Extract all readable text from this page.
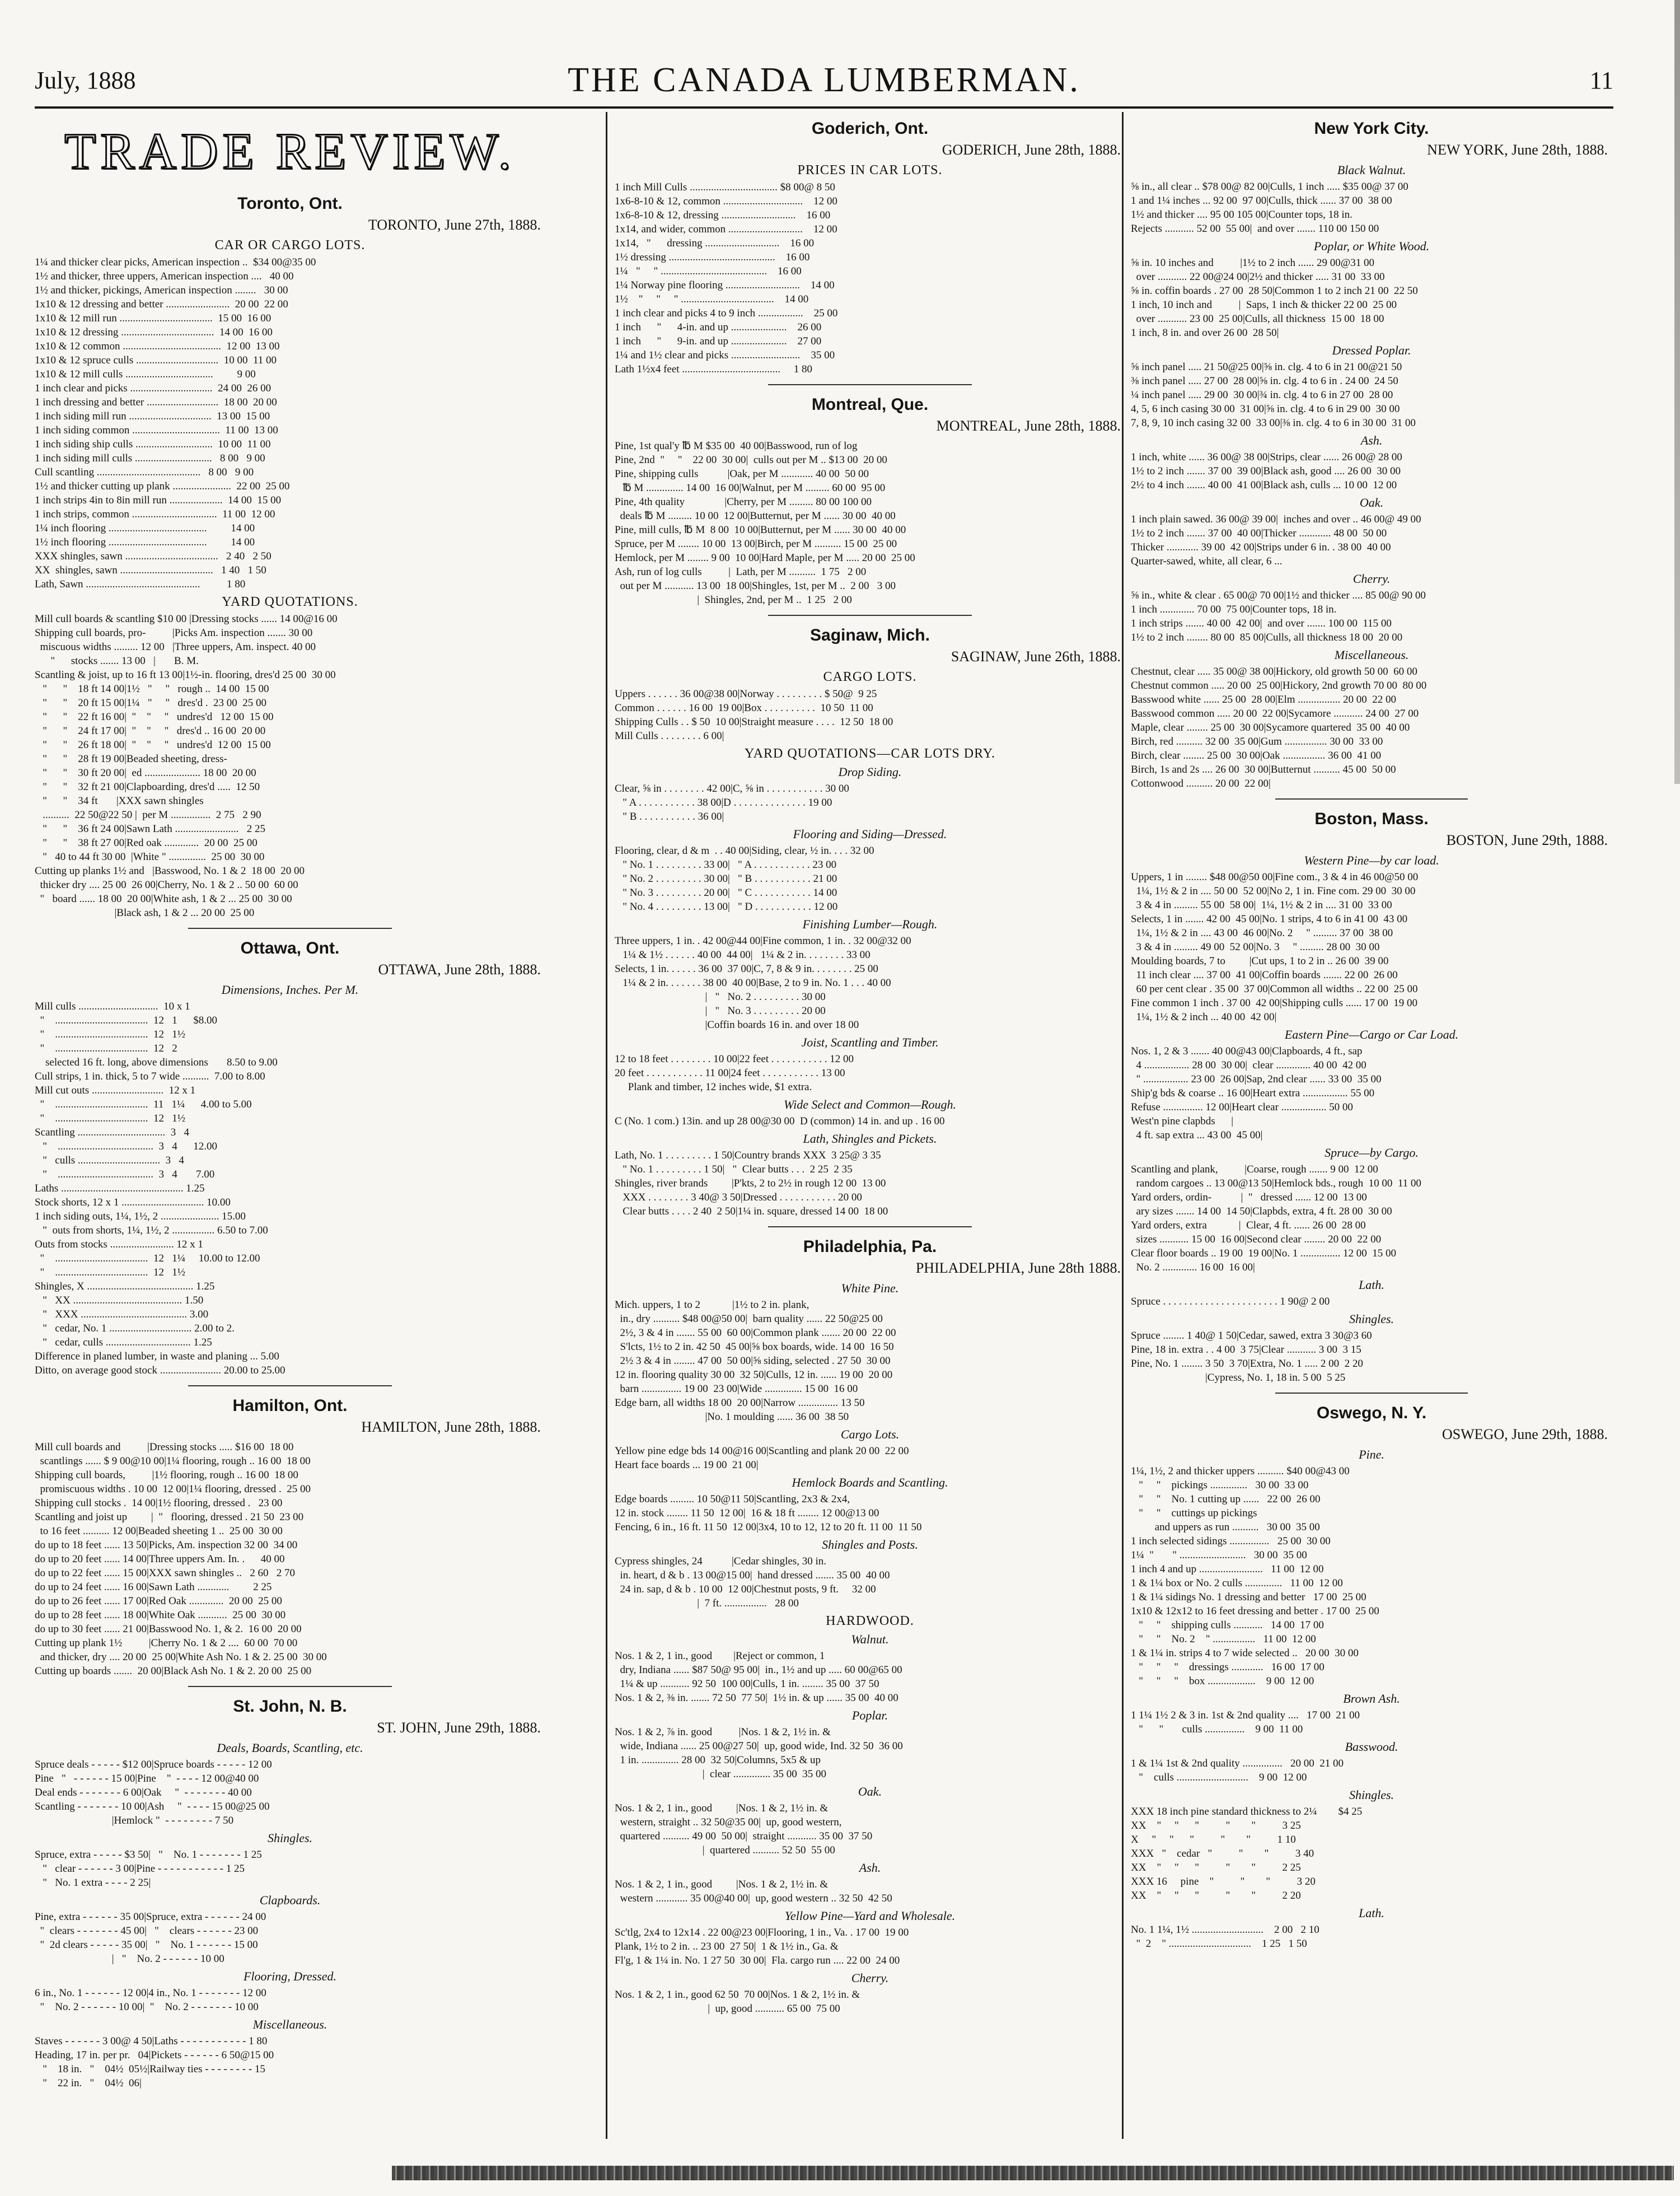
July, 1888	THE CANADA LUMBERMAN.	11
TRADE REVIEW.
Toronto, Ont.
TORONTO, June 27th, 1888.
CAR OR CARGO LOTS.
1¼ and thicker clear picks, American inspection ..  $34 00@35 00
1½ and thicker, three uppers, American inspection ....   40 00
1½ and thicker, pickings, American inspection ........   30 00
1x10 & 12 dressing and better ........................  20 00  22 00
1x10 & 12 mill run ...................................  15 00  16 00
1x10 & 12 dressing ...................................  14 00  16 00
1x10 & 12 common .....................................  12 00  13 00
1x10 & 12 spruce culls ...............................  10 00  11 00
1x10 & 12 mill culls .................................         9 00
1 inch clear and picks ...............................  24 00  26 00
1 inch dressing and better ...........................  18 00  20 00
1 inch siding mill run ...............................  13 00  15 00
1 inch siding common .................................  11 00  13 00
1 inch siding ship culls .............................  10 00  11 00
1 inch siding mill culls .............................   8 00   9 00
Cull scantling .......................................   8 00   9 00
1½ and thicker cutting up plank ......................  22 00  25 00
1 inch strips 4in to 8in mill run ....................  14 00  15 00
1 inch strips, common ................................  11 00  12 00
1¼ inch flooring .....................................         14 00
1½ inch flooring .....................................         14 00
XXX shingles, sawn ...................................   2 40   2 50
XX  shingles, sawn ...................................   1 40   1 50
Lath, Sawn ...........................................          1 80
YARD QUOTATIONS.
Mill cull boards & scantling $10 00 |Dressing stocks ...... 14 00@16 00
Shipping cull boards, pro-          |Picks Am. inspection ....... 30 00
miscuous widths ......... 12 00   |Three uppers, Am. inspect. 40 00
"      stocks ....... 13 00   |       B. M.
Scantling & joist, up to 16 ft 13 00|1½-in. flooring, dres'd 25 00  30 00
"      "    18 ft 14 00|1½   "     "   rough ..  14 00  15 00
"      "    20 ft 15 00|1¼   "     "   dres'd .  23 00  25 00
"      "    22 ft 16 00|  "    "     "   undres'd   12 00  15 00
"      "    24 ft 17 00|  "    "     "   dres'd .. 16 00  20 00
"      "    26 ft 18 00|  "    "     "   undres'd  12 00  15 00
"      "    28 ft 19 00|Beaded sheeting, dress-
"      "    30 ft 20 00|  ed ..................... 18 00  20 00
"      "    32 ft 21 00|Clapboarding, dres'd .....  12 50
"      "    34 ft       |XXX sawn shingles
..........  22 50@22 50 |  per M ...............  2 75   2 90
"      "    36 ft 24 00|Sawn Lath ........................   2 25
"      "    38 ft 27 00|Red oak .............  20 00  25 00
"   40 to 44 ft 30 00  |White " ..............  25 00  30 00
Cutting up planks 1½ and   |Basswood, No. 1 & 2  18 00  20 00
thicker dry .... 25 00  26 00|Cherry, No. 1 & 2 .. 50 00  60 00
"   board ...... 18 00  20 00|White ash, 1 & 2 ... 25 00  30 00
|Black ash, 1 & 2 ... 20 00  25 00
Ottawa, Ont.
OTTAWA, June 28th, 1888.
Dimensions, Inches. Per M.
Mill culls ..............................  10 x 1
"    ...................................  12   1      $8.00
"    ...................................  12   1½
"    ...................................  12   2
selected 16 ft. long, above dimensions       8.50 to 9.00
Cull strips, 1 in. thick, 5 to 7 wide ..........  7.00 to 8.00
Mill cut outs ...........................  12 x 1
"    ...................................  11   1¼      4.00 to 5.00
"    ...................................  12   1½
Scantling .................................  3   4
"    ....................................  3   4      12.00
"   culls ...............................  3   4
"    ....................................  3   4       7.00
Laths .............................................. 1.25
Stock shorts, 12 x 1 ............................... 10.00
1 inch siding outs, 1¼, 1½, 2 ...................... 15.00
"  outs from shorts, 1¼, 1½, 2 ................ 6.50 to 7.00
Outs from stocks ........................ 12 x 1
"    ...................................  12   1¼     10.00 to 12.00
"    ...................................  12   1½
Shingles, X ........................................ 1.25
"   XX ......................................... 1.50
"   XXX ........................................ 3.00
"   cedar, No. 1 ............................... 2.00 to 2.
"   cedar, culls ................................ 1.25
Difference in planed lumber, in waste and planing ... 5.00
Ditto, on average good stock ....................... 20.00 to 25.00
Hamilton, Ont.
HAMILTON, June 28th, 1888.
Mill cull boards and          |Dressing stocks ..... $16 00  18 00
scantlings ...... $ 9 00@10 00|1¼ flooring, rough .. 16 00  18 00
Shipping cull boards,          |1½ flooring, rough .. 16 00  18 00
promiscuous widths . 10 00  12 00|1¼ flooring, dressed .  25 00
Shipping cull stocks .  14 00|1½ flooring, dressed .   23 00
Scantling and joist up         |  "   flooring, dressed . 21 50  23 00
to 16 feet .......... 12 00|Beaded sheeting 1 ..  25 00  30 00
do up to 18 feet ...... 13 50|Picks, Am. inspection 32 00  34 00
do up to 20 feet ...... 14 00|Three uppers Am. In. .      40 00
do up to 22 feet ...... 15 00|XXX sawn shingles ..   2 60   2 70
do up to 24 feet ...... 16 00|Sawn Lath ............         2 25
do up to 26 feet ...... 17 00|Red Oak .............  20 00  25 00
do up to 28 feet ...... 18 00|White Oak ...........  25 00  30 00
do up to 30 feet ...... 21 00|Basswood No. 1, & 2.  16 00  20 00
Cutting up plank 1½          |Cherry No. 1 & 2 ....  60 00  70 00
and thicker, dry .... 20 00  25 00|White Ash No. 1 & 2. 25 00  30 00
Cutting up boards .......  20 00|Black Ash No. 1 & 2. 20 00  25 00
St. John, N. B.
ST. JOHN, June 29th, 1888.
Deals, Boards, Scantling, etc.
Spruce deals - - - - - $12 00|Spruce boards - - - - - 12 00
Pine   "   - - - - - - 15 00|Pine    "  - - - - 12 00@40 00
Deal ends - - - - - - - 6 00|Oak     "  - - - - - - - 40 00
Scantling - - - - - - - 10 00|Ash     "  - - - - 15 00@25 00
|Hemlock "  - - - - - - - - 7 50
Shingles.
Spruce, extra - - - - - $3 50|   "    No. 1 - - - - - - - 1 25
"   clear - - - - - - 3 00|Pine - - - - - - - - - - - 1 25
"   No. 1 extra - - - - 2 25|
Clapboards.
Pine, extra - - - - - - 35 00|Spruce, extra - - - - - - 24 00
"  clears - - - - - - - 45 00|   "    clears - - - - - - 23 00
"  2d clears - - - - - 35 00|   "    No. 1 - - - - - - 15 00
|   "    No. 2 - - - - - - 10 00
Flooring, Dressed.
6 in., No. 1 - - - - - - 12 00|4 in., No. 1 - - - - - - - 12 00
"    No. 2 - - - - - - 10 00|  "    No. 2 - - - - - - - 10 00
Miscellaneous.
Staves - - - - - - 3 00@ 4 50|Laths - - - - - - - - - - - 1 80
Heading, 17 in. per pr.   04|Pickets - - - - - - 6 50@15 00
"    18 in.   "    04½  05½|Railway ties - - - - - - - - 15
"    22 in.   "    04½  06|
Goderich, Ont.
GODERICH, June 28th, 1888.
PRICES IN CAR LOTS.
1 inch Mill Culls ................................. $8 00@ 8 50
1x6-8-10 & 12, common ..............................    12 00
1x6-8-10 & 12, dressing ............................    16 00
1x14, and wider, common ............................    12 00
1x14,   "      dressing ............................    16 00
1½ dressing ........................................    16 00
1¼   "     " ........................................    16 00
1¼ Norway pine flooring ............................    14 00
1½    "     "     " ...................................    14 00
1 inch clear and picks 4 to 9 inch .................    25 00
1 inch      "      4-in. and up .....................    26 00
1 inch      "      9-in. and up .....................    27 00
1¼ and 1½ clear and picks ..........................    35 00
Lath 1½x4 feet .....................................     1 80
Montreal, Que.
MONTREAL, June 28th, 1888.
Pine, 1st qual'y ℔ M $35 00  40 00|Basswood, run of log
Pine, 2nd  "     "    22 00  30 00|  culls out per M .. $13 00  20 00
Pine, shipping culls           |Oak, per M ............ 40 00  50 00
℔ M .............. 14 00  16 00|Walnut, per M ......... 60 00  95 00
Pine, 4th quality               |Cherry, per M ......... 80 00 100 00
deals ℔ M ......... 10 00  12 00|Butternut, per M ...... 30 00  40 00
Pine, mill culls, ℔ M  8 00  10 00|Butternut, per M ...... 30 00  40 00
Spruce, per M ........ 10 00  13 00|Birch, per M .......... 15 00  25 00
Hemlock, per M ........ 9 00  10 00|Hard Maple, per M ..... 20 00  25 00
Ash, run of log culls          |  Lath, per M ..........  1 75   2 00
out per M ........... 13 00  18 00|Shingles, 1st, per M ..  2 00   3 00
|  Shingles, 2nd, per M ..  1 25   2 00
Saginaw, Mich.
SAGINAW, June 26th, 1888.
CARGO LOTS.
Uppers . . . . . . 36 00@38 00|Norway . . . . . . . . . $ 50@  9 25
Common . . . . . . 16 00  19 00|Box . . . . . . . . . .  10 50  11 00
Shipping Culls . . $ 50  10 00|Straight measure . . . .  12 50  18 00
Mill Culls . . . . . . . . 6 00|
YARD QUOTATIONS—CAR LOTS DRY.
Drop Siding.
Clear, ⅝ in . . . . . . . . 42 00|C, ⅝ in . . . . . . . . . . . 30 00
" A . . . . . . . . . . . 38 00|D . . . . . . . . . . . . . . 19 00
" B . . . . . . . . . . . 36 00|
Flooring and Siding—Dressed.
Flooring, clear, d & m  . . 40 00|Siding, clear, ½ in. . . . 32 00
" No. 1 . . . . . . . . . 33 00|   " A . . . . . . . . . . . 23 00
" No. 2 . . . . . . . . . 30 00|   " B . . . . . . . . . . . 21 00
" No. 3 . . . . . . . . . 20 00|   " C . . . . . . . . . . . 14 00
" No. 4 . . . . . . . . . 13 00|   " D . . . . . . . . . . . 12 00
Finishing Lumber—Rough.
Three uppers, 1 in. . 42 00@44 00|Fine common, 1 in. . 32 00@32 00
1¼ & 1½ . . . . . . 40 00  44 00|   1¼ & 2 in. . . . . . . . 33 00
Selects, 1 in. . . . . . 36 00  37 00|C, 7, 8 & 9 in. . . . . . . . 25 00
1¼ & 2 in. . . . . . . 38 00  40 00|Base, 2 to 9 in. No. 1 . . . 40 00
|   "   No. 2 . . . . . . . . . 30 00
|   "   No. 3 . . . . . . . . . 20 00
|Coffin boards 16 in. and over 18 00
Joist, Scantling and Timber.
12 to 18 feet . . . . . . . . 10 00|22 feet . . . . . . . . . . . 12 00
20 feet . . . . . . . . . . . 11 00|24 feet . . . . . . . . . . . 13 00
Plank and timber, 12 inches wide, $1 extra.
Wide Select and Common—Rough.
C (No. 1 com.) 13in. and up 28 00@30 00  D (common) 14 in. and up . 16 00
Lath, Shingles and Pickets.
Lath, No. 1 . . . . . . . . . 1 50|Country brands XXX  3 25@ 3 35
" No. 1 . . . . . . . . . 1 50|   "  Clear butts . . .  2 25  2 35
Shingles, river brands         |P'kts, 2 to 2½ in rough 12 00  13 00
XXX . . . . . . . . 3 40@ 3 50|Dressed . . . . . . . . . . . 20 00
Clear butts . . . . 2 40  2 50|1¼ in. square, dressed 14 00  18 00
Philadelphia, Pa.
PHILADELPHIA, June 28th 1888.
White Pine.
Mich. uppers, 1 to 2            |1½ to 2 in. plank,
in., dry .......... $48 00@50 00|  barn quality ...... 22 50@25 00
2½, 3 & 4 in ....... 55 00  60 00|Common plank ....... 20 00  22 00
S'lcts, 1½ to 2 in. 42 50  45 00|⅝ box boards, wide. 14 00  16 50
2½ 3 & 4 in ........ 47 00  50 00|⅝ siding, selected . 27 50  30 00
12 in. flooring quality 30 00  32 50|Culls, 12 in. ...... 19 00  20 00
barn ............... 19 00  23 00|Wide .............. 15 00  16 00
Edge barn, all widths 18 00  20 00|Narrow ............... 13 50
|No. 1 moulding ...... 36 00  38 50
Cargo Lots.
Yellow pine edge bds 14 00@16 00|Scantling and plank 20 00  22 00
Heart face boards ... 19 00  21 00|
Hemlock Boards and Scantling.
Edge boards ......... 10 50@11 50|Scantling, 2x3 & 2x4,
12 in. stock ........ 11 50  12 00|  16 & 18 ft ........ 12 00@13 00
Fencing, 6 in., 16 ft. 11 50  12 00|3x4, 10 to 12, 12 to 20 ft. 11 00  11 50
Shingles and Posts.
Cypress shingles, 24           |Cedar shingles, 30 in.
in. heart, d & b . 13 00@15 00|  hand dressed ....... 35 00  40 00
24 in. sap, d & b . 10 00  12 00|Chestnut posts, 9 ft.     32 00
|  7 ft. ................   28 00
HARDWOOD.
Walnut.
Nos. 1 & 2, 1 in., good        |Reject or common, 1
dry, Indiana ...... $87 50@ 95 00|  in., 1½ and up ..... 60 00@65 00
1¼ & up ........... 92 50  100 00|Culls, 1 in. ........ 35 00  37 50
Nos. 1 & 2, ⅜ in. ....... 72 50  77 50|  1½ in. & up ...... 35 00  40 00
Poplar.
Nos. 1 & 2, ⅞ in. good          |Nos. 1 & 2, 1½ in. &
wide, Indiana ...... 25 00@27 50|  up, good wide, Ind. 32 50  36 00
1 in. .............. 28 00  32 50|Columns, 5x5 & up
|  clear .............. 35 00  35 00
Oak.
Nos. 1 & 2, 1 in., good         |Nos. 1 & 2, 1½ in. &
western, straight .. 32 50@35 00|  up, good western,
quartered .......... 49 00  50 00|  straight ........... 35 00  37 50
|  quartered .......... 52 50  55 00
Ash.
Nos. 1 & 2, 1 in., good         |Nos. 1 & 2, 1½ in. &
western ............ 35 00@40 00|  up, good western .. 32 50  42 50
Yellow Pine—Yard and Wholesale.
Sc'tlg, 2x4 to 12x14 . 22 00@23 00|Flooring, 1 in., Va. . 17 00  19 00
Plank, 1½ to 2 in. .. 23 00  27 50|  1 & 1½ in., Ga. &
Fl'g, 1 & 1¼ in. No. 1 27 50  30 00|  Fla. cargo run .... 22 00  24 00
Cherry.
Nos. 1 & 2, 1 in., good 62 50  70 00|Nos. 1 & 2, 1½ in. &
|  up, good ........... 65 00  75 00
New York City.
NEW YORK, June 28th, 1888.
Black Walnut.
⅝ in., all clear .. $78 00@ 82 00|Culls, 1 inch ..... $35 00@ 37 00
1 and 1¼ inches ... 92 00  97 00|Culls, thick ...... 37 00  38 00
1½ and thicker .... 95 00 105 00|Counter tops, 18 in.
Rejects ........... 52 00  55 00|  and over ....... 110 00 150 00
Poplar, or White Wood.
⅝ in. 10 inches and          |1½ to 2 inch ...... 29 00@31 00
over ........... 22 00@24 00|2½ and thicker ..... 31 00  33 00
⅝ in. coffin boards . 27 00  28 50|Common 1 to 2 inch 21 00  22 50
1 inch, 10 inch and          |  Saps, 1 inch & thicker 22 00  25 00
over ........... 23 00  25 00|Culls, all thickness  15 00  18 00
1 inch, 8 in. and over 26 00  28 50|
Dressed Poplar.
⅝ inch panel ..... 21 50@25 00|⅝ in. clg. 4 to 6 in 21 00@21 50
⅜ inch panel ..... 27 00  28 00|⅝ in. clg. 4 to 6 in . 24 00  24 50
¼ inch panel ..... 29 00  30 00|¾ in. clg. 4 to 6 in 27 00  28 00
4, 5, 6 inch casing 30 00  31 00|⅝ in. clg. 4 to 6 in 29 00  30 00
7, 8, 9, 10 inch casing 32 00  33 00|⅜ in. clg. 4 to 6 in 30 00  31 00
Ash.
1 inch, white ...... 36 00@ 38 00|Strips, clear ...... 26 00@ 28 00
1½ to 2 inch ....... 37 00  39 00|Black ash, good .... 26 00  30 00
2½ to 4 inch ....... 40 00  41 00|Black ash, culls ... 10 00  12 00
Oak.
1 inch plain sawed. 36 00@ 39 00|  inches and over .. 46 00@ 49 00
1½ to 2 inch ....... 37 00  40 00|Thicker ............ 48 00  50 00
Thicker ............ 39 00  42 00|Strips under 6 in. . 38 00  40 00
Quarter-sawed, white, all clear, 6 ...
Cherry.
⅝ in., white & clear . 65 00@ 70 00|1½ and thicker .... 85 00@ 90 00
1 inch ............. 70 00  75 00|Counter tops, 18 in.
1 inch strips ....... 40 00  42 00|  and over ....... 100 00  115 00
1½ to 2 inch ........ 80 00  85 00|Culls, all thickness 18 00  20 00
Miscellaneous.
Chestnut, clear ..... 35 00@ 38 00|Hickory, old growth 50 00  60 00
Chestnut common ..... 20 00  25 00|Hickory, 2nd growth 70 00  80 00
Basswood white ...... 25 00  28 00|Elm ................ 20 00  22 00
Basswood common ..... 20 00  22 00|Sycamore ........... 24 00  27 00
Maple, clear ........ 25 00  30 00|Sycamore quartered  35 00  40 00
Birch, red .......... 32 00  35 00|Gum ................ 30 00  33 00
Birch, clear ........ 25 00  30 00|Oak ................ 36 00  41 00
Birch, 1s and 2s .... 26 00  30 00|Butternut .......... 45 00  50 00
Cottonwood .......... 20 00  22 00|
Boston, Mass.
BOSTON, June 29th, 1888.
Western Pine—by car load.
Uppers, 1 in ........ $48 00@50 00|Fine com., 3 & 4 in 46 00@50 00
1¼, 1½ & 2 in .... 50 00  52 00|No 2, 1 in. Fine com. 29 00  30 00
3 & 4 in ......... 55 00  58 00|  1¼, 1½ & 2 in .... 31 00  33 00
Selects, 1 in ....... 42 00  45 00|No. 1 strips, 4 to 6 in 41 00  43 00
1¼, 1½ & 2 in .... 43 00  46 00|No. 2     " ......... 37 00  38 00
3 & 4 in ......... 49 00  52 00|No. 3     " ......... 28 00  30 00
Moulding boards, 7 to         |Cut ups, 1 to 2 in .. 26 00  39 00
11 inch clear .... 37 00  41 00|Coffin boards ....... 22 00  26 00
60 per cent clear . 35 00  37 00|Common all widths .. 22 00  25 00
Fine common 1 inch . 37 00  42 00|Shipping culls ...... 17 00  19 00
1¼, 1½ & 2 inch ... 40 00  42 00|
Eastern Pine—Cargo or Car Load.
Nos. 1, 2 & 3 ....... 40 00@43 00|Clapboards, 4 ft., sap
4 ................. 28 00  30 00|  clear ............. 40 00  42 00
" ................. 23 00  26 00|Sap, 2nd clear ...... 33 00  35 00
Ship'g bds & coarse .. 16 00|Heart extra ................. 55 00
Refuse ............... 12 00|Heart clear ................. 50 00
West'n pine clapbds      |
4 ft. sap extra ... 43 00  45 00|
Spruce—by Cargo.
Scantling and plank,          |Coarse, rough ....... 9 00  12 00
random cargoes .. 13 00@13 50|Hemlock bds., rough  10 00  11 00
Yard orders, ordin-           |  "   dressed ...... 12 00  13 00
ary sizes ....... 14 00  14 50|Clapbds, extra, 4 ft. 28 00  30 00
Yard orders, extra            |  Clear, 4 ft. ...... 26 00  28 00
sizes ........... 15 00  16 00|Second clear ........ 20 00  22 00
Clear floor boards .. 19 00  19 00|No. 1 ............... 12 00  15 00
No. 2 ............. 16 00  16 00|
Lath.
Spruce . . . . . . . . . . . . . . . . . . . . . . 1 90@ 2 00
Shingles.
Spruce ........ 1 40@ 1 50|Cedar, sawed, extra 3 30@3 60
Pine, 18 in. extra . . 4 00  3 75|Clear ........... 3 00  3 15
Pine, No. 1 ........ 3 50  3 70|Extra, No. 1 ..... 2 00  2 20
|Cypress, No. 1, 18 in. 5 00  5 25
Oswego, N. Y.
OSWEGO, June 29th, 1888.
Pine.
1¼, 1½, 2 and thicker uppers .......... $40 00@43 00
"     "    pickings ..............   30 00  33 00
"     "    No. 1 cutting up ......   22 00  26 00
"     "    cuttings up pickings
and uppers as run ..........   30 00  35 00
1 inch selected sidings ...............   25 00  30 00
1¼  "       " .........................   30 00  35 00
1 inch 4 and up ........................   11 00  12 00
1 & 1¼ box or No. 2 culls ..............   11 00  12 00
1 & 1¼ sidings No. 1 dressing and better   17 00  25 00
1x10 & 12x12 to 16 feet dressing and better . 17 00  25 00
"     "    shipping culls ...........   14 00  17 00
"     "    No. 2    " ................   11 00  12 00
1 & 1¼ in. strips 4 to 7 wide selected ..   20 00  30 00
"     "     "    dressings ............   16 00  17 00
"     "     "    box ..................    9 00  12 00
Brown Ash.
1 1¼ 1½ 2 & 3 in. 1st & 2nd quality ....   17 00  21 00
"      "       culls ...............    9 00  11 00
Basswood.
1 & 1¼ 1st & 2nd quality ...............   20 00  21 00
"    culls ...........................    9 00  12 00
Shingles.
XXX 18 inch pine standard thickness to 2¼        $4 25
XX    "     "      "          "        "          3 25
X     "     "      "          "        "          1 10
XXX   "    cedar   "          "        "          3 40
XX    "     "      "          "        "          2 25
XXX 16     pine    "          "        "          3 20
XX    "     "      "          "        "          2 20
Lath.
No. 1 1¼, 1½ ...........................    2 00   2 10
"  2    " ...............................    1 25   1 50
